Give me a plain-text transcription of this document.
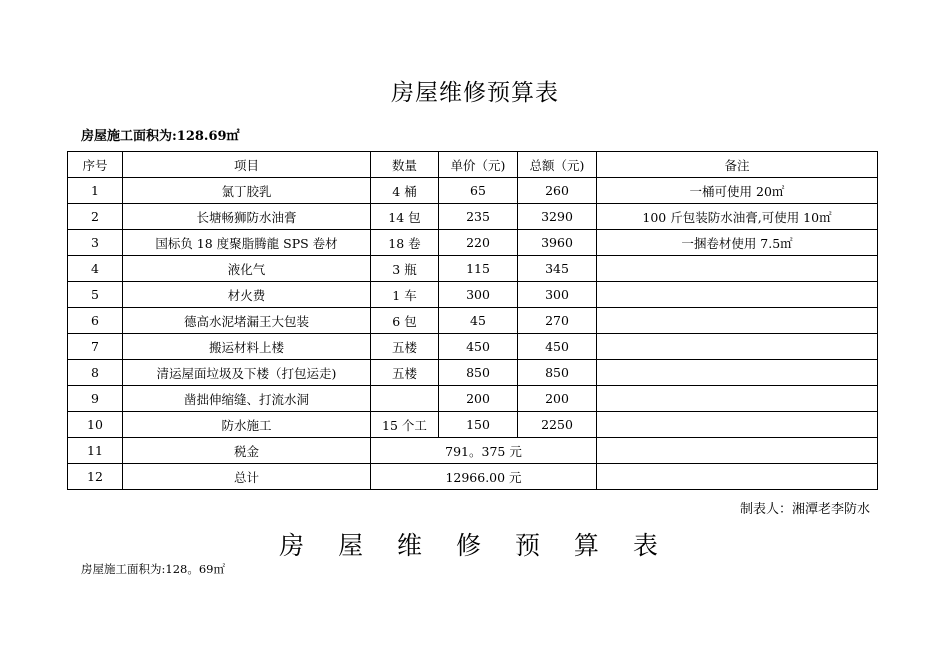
房屋维修预算表
房屋施工面积为:128.69㎡
序号	项目	数量	单价（元)	总额（元)	备注
1	氯丁胶乳	4 桶	65	260	一桶可使用 20㎡
2	长塘畅狮防水油膏	14 包	235	3290	100 斤包装防水油膏,可使用 10㎡
3	国标负 18 度聚脂腾龍 SPS 卷材	18 卷	220	3960	一捆卷材使用 7.5㎡
4	液化气	3 瓶	115	345	
5	材火费	1 车	300	300	
6	德高水泥堵漏王大包装	6 包	45	270	
7	搬运材料上楼	五楼	450	450	
8	清运屋面垃圾及下楼（打包运走)	五楼	850	850	
9	凿拙伸缩缝、打流水洞		200	200	
10	防水施工	15 个工	150	2250	
11	税金	791。375 元			
12	总计	12966.00 元			
制表人：湘潭老李防水
房 屋 维 修 预 算 表
房屋施工面积为:128。69㎡
